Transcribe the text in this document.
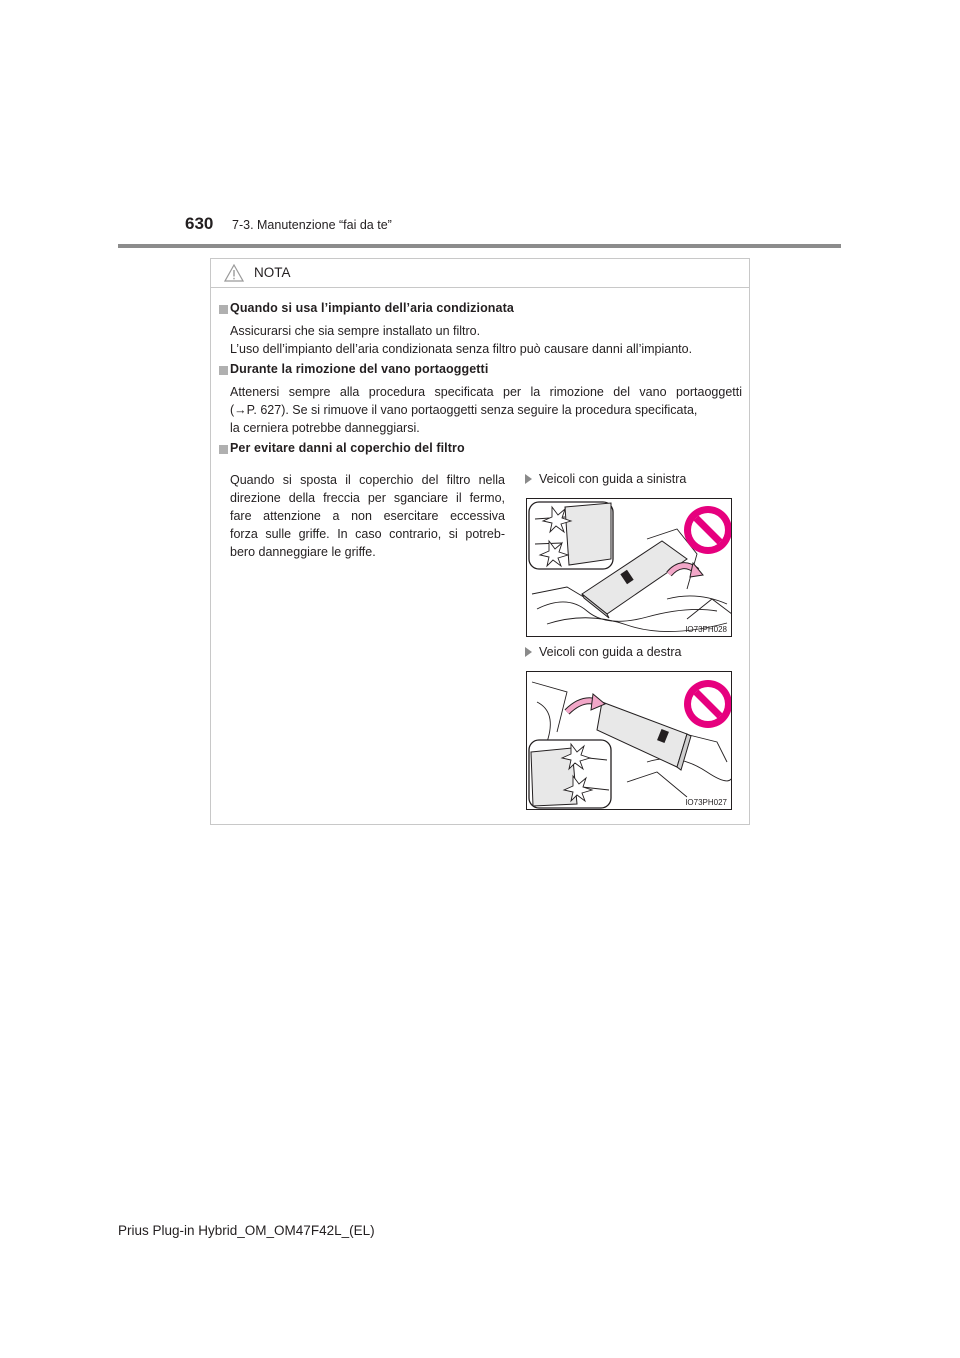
630 7-3. Manutenzione “fai da te”
NOTA
Quando si usa l’impianto dell’aria condizionata
Assicurarsi che sia sempre installato un filtro.
L’uso dell’impianto dell’aria condizionata senza filtro può causare danni all’impianto.
Durante la rimozione del vano portaoggetti
Attenersi sempre alla procedura specificata per la rimozione del vano portaoggetti
(→P. 627). Se si rimuove il vano portaoggetti senza seguire la procedura specificata,
la cerniera potrebbe danneggiarsi.
Per evitare danni al coperchio del filtro
Quando si sposta il coperchio del filtro nella
direzione della freccia per sganciare il fermo,
fare attenzione a non esercitare eccessiva
forza sulle griffe. In caso contrario, si potreb-
bero danneggiare le griffe.
Veicoli con guida a sinistra
IO73PH028
Veicoli con guida a destra
IO73PH027
Prius Plug-in Hybrid_OM_OM47F42L_(EL)
